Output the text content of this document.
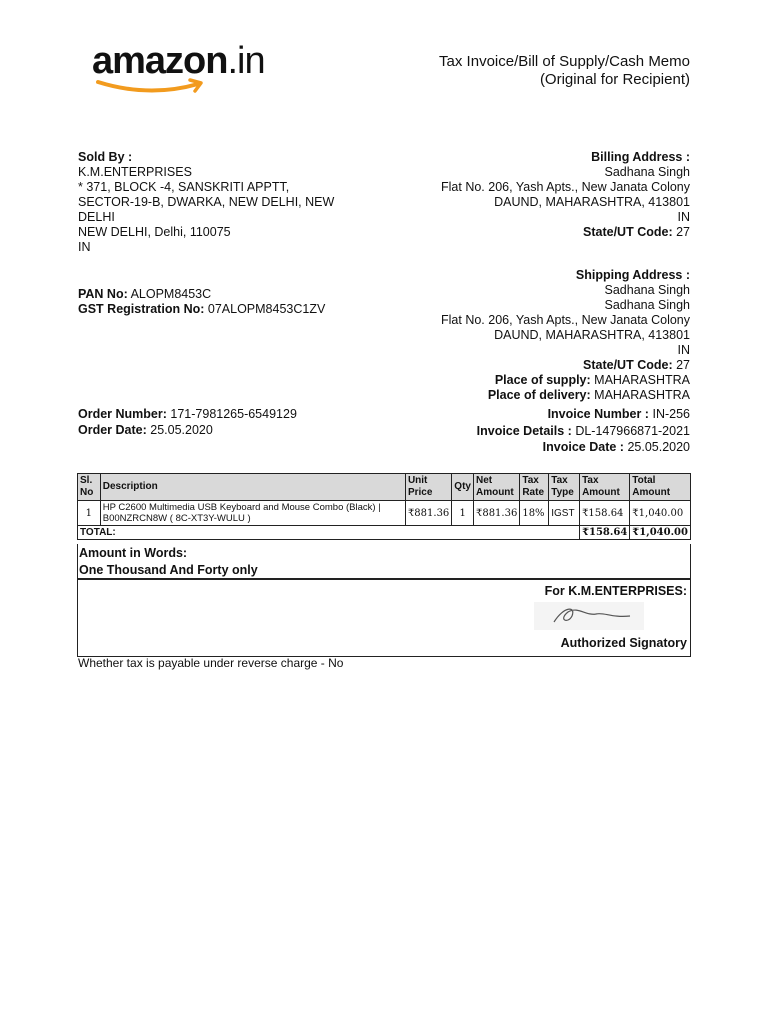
amazon.in	Tax Invoice/Bill of Supply/Cash Memo
(Original for Recipient)
Sold By :
K.M.ENTERPRISES
* 371, BLOCK -4, SANSKRITI APPTT,
SECTOR-19-B, DWARKA, NEW DELHI, NEW
DELHI
NEW DELHI, Delhi, 110075
IN
Billing Address :
Sadhana Singh
Flat No. 206, Yash Apts., New Janata Colony
DAUND, MAHARASHTRA, 413801
IN
State/UT Code: 27
Shipping Address :
Sadhana Singh
Sadhana Singh
Flat No. 206, Yash Apts., New Janata Colony
DAUND, MAHARASHTRA, 413801
IN
State/UT Code: 27
Place of supply: MAHARASHTRA
Place of delivery: MAHARASHTRA
PAN No: ALOPM8453C
GST Registration No: 07ALOPM8453C1ZV
Order Number: 171-7981265-6549129
Order Date: 25.05.2020
Invoice Number : IN-256
Invoice Details : DL-147966871-2021
Invoice Date : 25.05.2020
Sl. No	Description	Unit Price	Qty	Net Amount	Tax Rate	Tax Type	Tax Amount	Total Amount
1	HP C2600 Multimedia USB Keyboard and Mouse Combo (Black) | B00NZRCN8W ( 8C-XT3Y-WULU )	₹881.36	1	₹881.36	18%	IGST	₹158.64	₹1,040.00
TOTAL:							₹158.64	₹1,040.00
Amount in Words:
One Thousand And Forty only
For K.M.ENTERPRISES:
Authorized Signatory
Whether tax is payable under reverse charge - No
